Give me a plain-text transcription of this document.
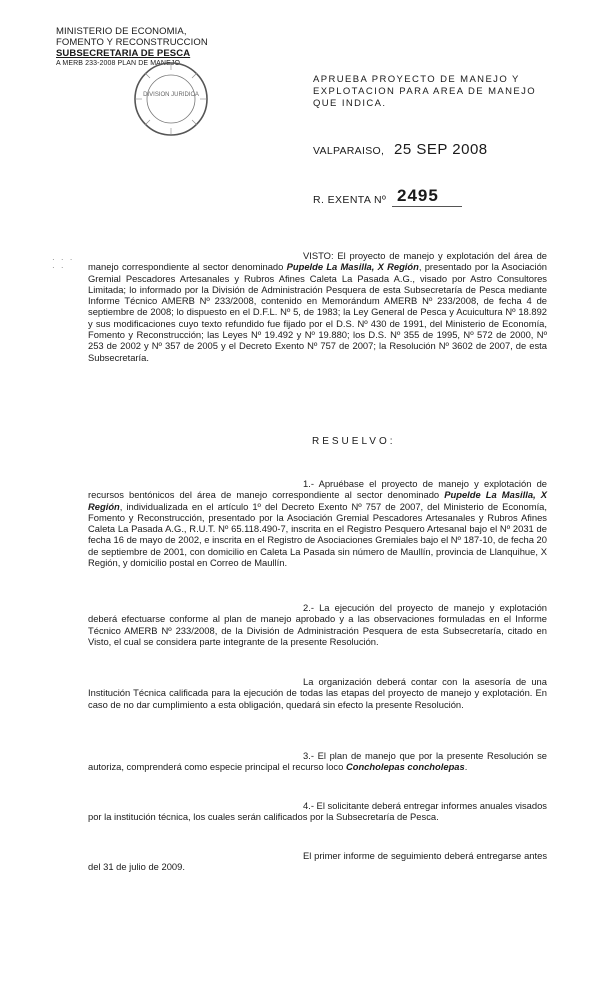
MINISTERIO DE ECONOMIA,
FOMENTO Y RECONSTRUCCION
SUBSECRETARIA DE PESCA
A MERB 233-2008 PLAN DE MANEJO
DIVISION JURIDICA
APRUEBA PROYECTO DE MANEJO Y EXPLOTACION PARA AREA DE MANEJO QUE INDICA.
VALPARAISO, 25 SEP 2008
R. EXENTA Nº 2495
· · ·
· ·

VISTO: El proyecto de manejo y explotación del área de manejo correspondiente al sector denominado Pupelde La Masilla, X Región, presentado por la Asociación Gremial Pescadores Artesanales y Rubros Afines Caleta La Pasada A.G., visado por Astro Consultores Limitada; lo informado por la División de Administración Pesquera de esta Subsecretaría de Pesca mediante Informe Técnico AMERB Nº 233/2008, contenido en Memorándum AMERB Nº 233/2008, de fecha 4 de septiembre de 2008; lo dispuesto en el D.F.L. Nº 5, de 1983; la Ley General de Pesca y Acuicultura Nº 18.892 y sus modificaciones cuyo texto refundido fue fijado por el D.S. Nº 430 de 1991, del Ministerio de Economía, Fomento y Reconstrucción; las Leyes Nº 19.492 y Nº 19.880; los D.S. Nº 355 de 1995, Nº 572 de 2000, Nº 253 de 2002 y Nº 357 de 2005 y el Decreto Exento Nº 757 de 2007; la Resolución Nº 3602 de 2007, de esta Subsecretaría.

RESUELVO:

1.- Apruébase el proyecto de manejo y explotación de recursos bentónicos del área de manejo correspondiente al sector denominado Pupelde La Masilla, X Región, individualizada en el artículo 1º del Decreto Exento Nº 757 de 2007, del Ministerio de Economía, Fomento y Reconstrucción, presentado por la Asociación Gremial Pescadores Artesanales y Rubros Afines Caleta La Pasada A.G., R.U.T. Nº 65.118.490-7, inscrita en el Registro Pesquero Artesanal bajo el Nº 2031 de fecha 16 de mayo de 2002, e inscrita en el Registro de Asociaciones Gremiales bajo el Nº 187-10, de fecha 20 de septiembre de 2001, con domicilio en Caleta La Pasada sin número de Maullín, provincia de Llanquihue, X Región, y domicilio postal en Correo de Maullín.

2.- La ejecución del proyecto de manejo y explotación deberá efectuarse conforme al plan de manejo aprobado y a las observaciones formuladas en el Informe Técnico AMERB Nº 233/2008, de la División de Administración Pesquera de esta Subsecretaría, citado en Visto, el cual se considera parte integrante de la presente Resolución.

La organización deberá contar con la asesoría de una Institución Técnica calificada para la ejecución de todas las etapas del proyecto de manejo y explotación. En caso de no dar cumplimiento a esta obligación, quedará sin efecto la presente Resolución.

3.- El plan de manejo que por la presente Resolución se autoriza, comprenderá como especie principal el recurso loco Concholepas concholepas.

4.- El solicitante deberá entregar informes anuales visados por la institución técnica, los cuales serán calificados por la Subsecretaría de Pesca.

El primer informe de seguimiento deberá entregarse antes del 31 de julio de 2009.
